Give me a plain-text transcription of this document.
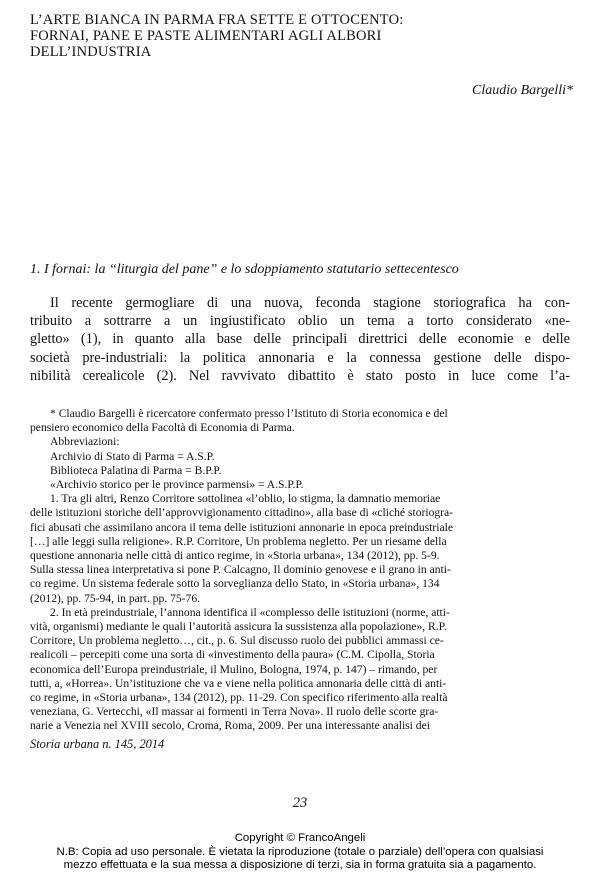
L’ARTE BIANCA IN PARMA FRA SETTE E OTTOCENTO:
FORNAI, PANE E PASTE ALIMENTARI AGLI ALBORI
DELL’INDUSTRIA
Claudio Bargelli*
1. I fornai: la “liturgia del pane” e lo sdoppiamento statutario settecentesco
Il recente germogliare di una nuova, feconda stagione storiografica ha con-
tribuito a sottrarre a un ingiustificato oblio un tema a torto considerato «ne-
gletto» (1), in quanto alla base delle principali direttrici delle economie e delle
società pre-industriali: la politica annonaria e la connessa gestione delle dispo-
nibilità cerealicole (2). Nel ravvivato dibattito è stato posto in luce come l’a-
* Claudio Bargelli è ricercatore confermato presso l’Istituto di Storia economica e del
pensiero economico della Facoltà di Economia di Parma.
Abbreviazioni:
Archivio di Stato di Parma = A.S.P.
Biblioteca Palatina di Parma = B.P.P.
«Archivio storico per le province parmensi» = A.S.P.P.
1. Tra gli altri, Renzo Corritore sottolinea «l’oblio, lo stigma, la damnatio memoriae
delle istituzioni storiche dell’approvvigionamento cittadino», alla base di «cliché storiogra-
fici abusati che assimilano ancora il tema delle istituzioni annonarie in epoca preindustriale
[…] alle leggi sulla religione». R.P. Corritore, Un problema negletto. Per un riesame della
questione annonaria nelle città di antico regime, in «Storia urbana», 134 (2012), pp. 5-9.
Sulla stessa linea interpretativa si pone P. Calcagno, Il dominio genovese e il grano in anti-
co regime. Un sistema federale sotto la sorveglianza dello Stato, in «Storia urbana», 134
(2012), pp. 75-94, in part. pp. 75-76.
2. In età preindustriale, l’annona identifica il «complesso delle istituzioni (norme, atti-
vità, organismi) mediante le quali l’autorità assicura la sussistenza alla popolazione», R.P.
Corritore, Un problema negletto…, cit., p. 6. Sul discusso ruolo dei pubblici ammassi ce-
realicoli – percepiti come una sorta di «investimento della paura» (C.M. Cipolla, Storia
economica dell’Europa preindustriale, il Mulino, Bologna, 1974, p. 147) – rimando, per
tutti, a, «Horrea». Un’istituzione che va e viene nella politica annonaria delle città di anti-
co regime, in «Storia urbana», 134 (2012), pp. 11-29. Con specifico riferimento alla realtà
veneziana, G. Vertecchi, «Il massar ai formenti in Terra Nova». Il ruolo delle scorte gra-
narie a Venezia nel XVIII secolo, Croma, Roma, 2009. Per una interessante analisi dei
Storia urbana n. 145, 2014
23
Copyright © FrancoAngeli
N.B: Copia ad uso personale. È vietata la riproduzione (totale o parziale) dell’opera con qualsiasi
mezzo effettuata e la sua messa a disposizione di terzi, sia in forma gratuita sia a pagamento.
